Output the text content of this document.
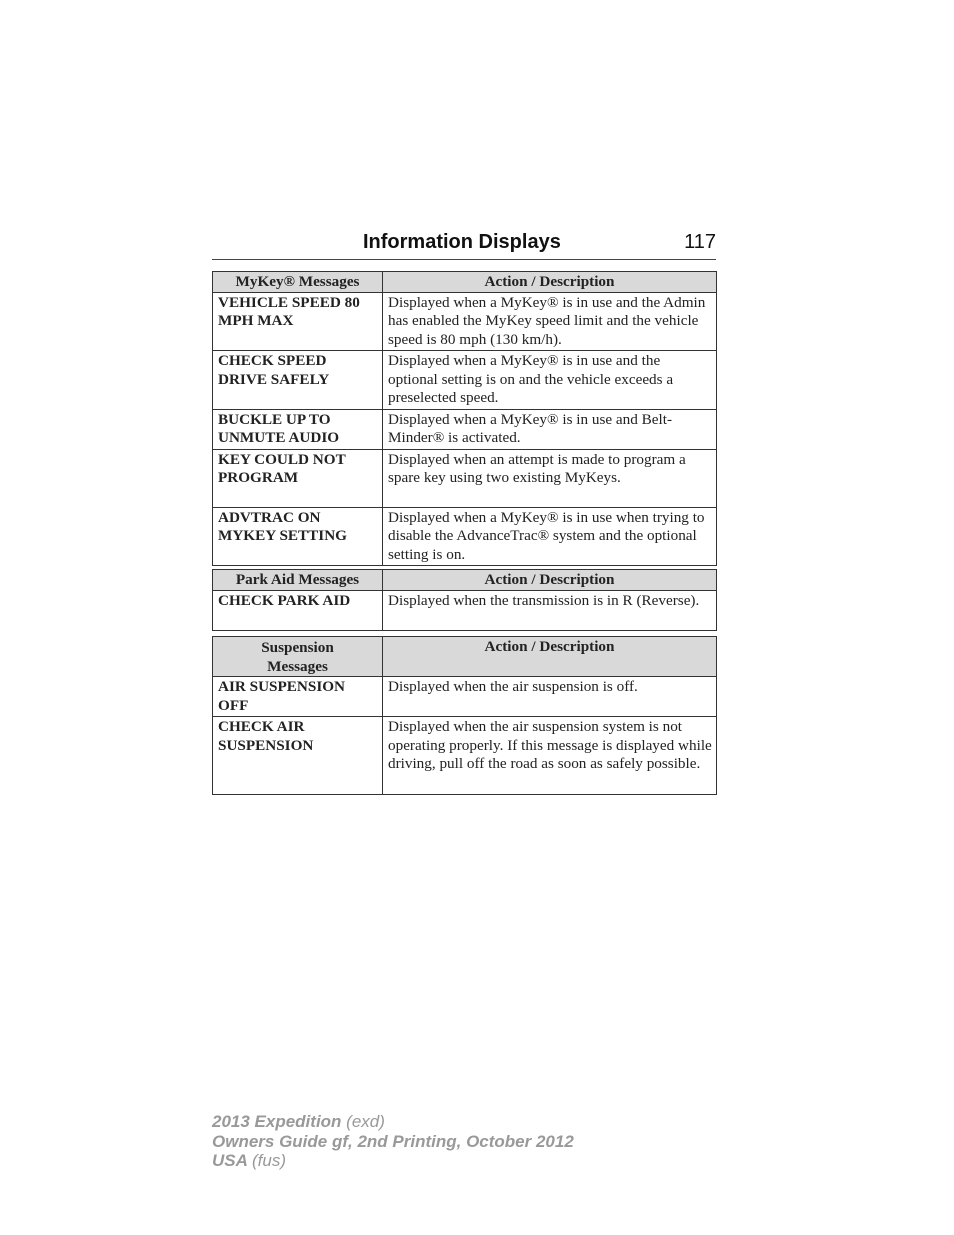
Information Displays	117
MyKey® Messages	Action / Description
VEHICLE SPEED 80 MPH MAX	Displayed when a MyKey® is in use and the Admin has enabled the MyKey speed limit and the vehicle speed is 80 mph (130 km/h).
CHECK SPEED DRIVE SAFELY	Displayed when a MyKey® is in use and the optional setting is on and the vehicle exceeds a preselected speed.
BUCKLE UP TO UNMUTE AUDIO	Displayed when a MyKey® is in use and Belt-Minder® is activated.
KEY COULD NOT PROGRAM	Displayed when an attempt is made to program a spare key using two existing MyKeys.
ADVTRAC ON MYKEY SETTING	Displayed when a MyKey® is in use when trying to disable the AdvanceTrac® system and the optional setting is on.
Park Aid Messages	Action / Description
CHECK PARK AID	Displayed when the transmission is in R (Reverse).
Suspension Messages	Action / Description
AIR SUSPENSION OFF	Displayed when the air suspension is off.
CHECK AIR SUSPENSION	Displayed when the air suspension system is not operating properly. If this message is displayed while driving, pull off the road as soon as safely possible.
2013 Expedition (exd)
Owners Guide gf, 2nd Printing, October 2012
USA (fus)
